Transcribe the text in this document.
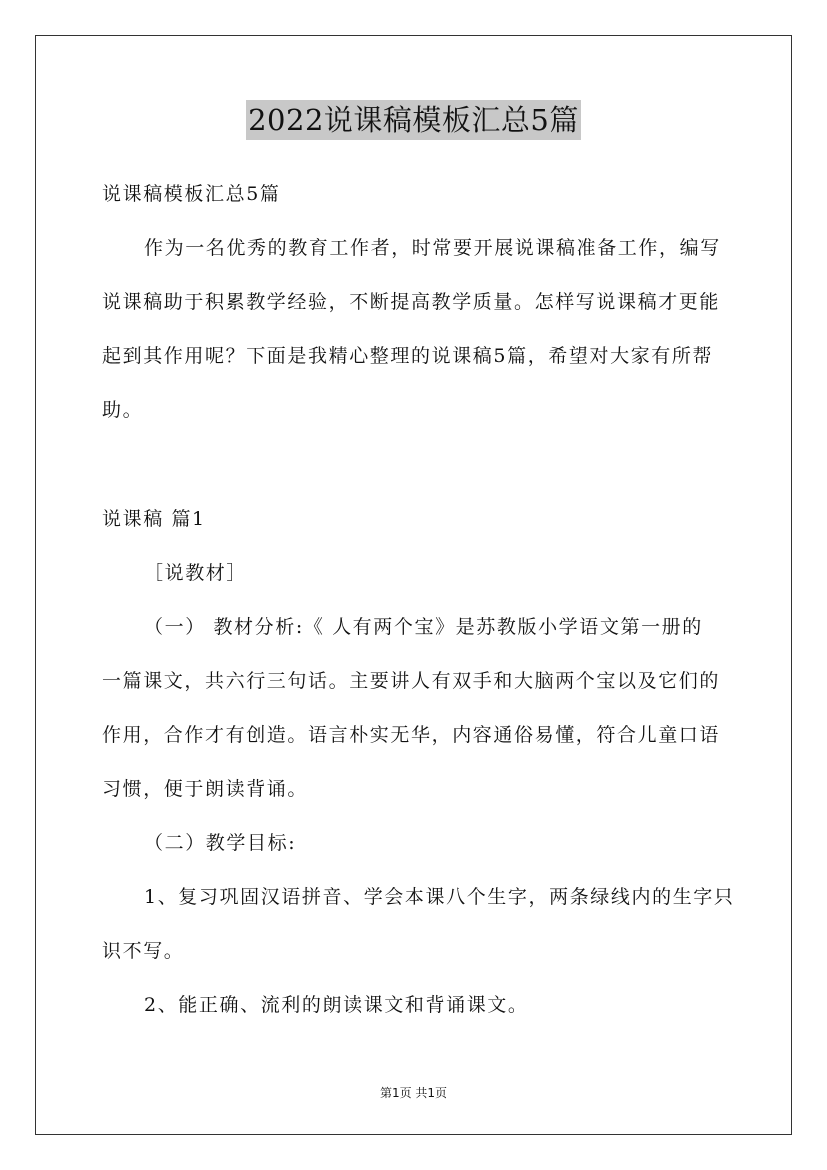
2022说课稿模板汇总5篇
说课稿模板汇总5篇
作为一名优秀的教育工作者，时常要开展说课稿准备工作，编写
说课稿助于积累教学经验，不断提高教学质量。怎样写说课稿才更能
起到其作用呢？下面是我精心整理的说课稿5篇，希望对大家有所帮
助。
说课稿 篇1
［说教材］
（一） 教材分析:《 人有两个宝》是苏教版小学语文第一册的
一篇课文，共六行三句话。主要讲人有双手和大脑两个宝以及它们的
作用，合作才有创造。语言朴实无华，内容通俗易懂，符合儿童口语
习惯，便于朗读背诵。
（二）教学目标:
1、复习巩固汉语拼音、学会本课八个生字，两条绿线内的生字只
识不写。
2、能正确、流利的朗读课文和背诵课文。
第1页 共1页
